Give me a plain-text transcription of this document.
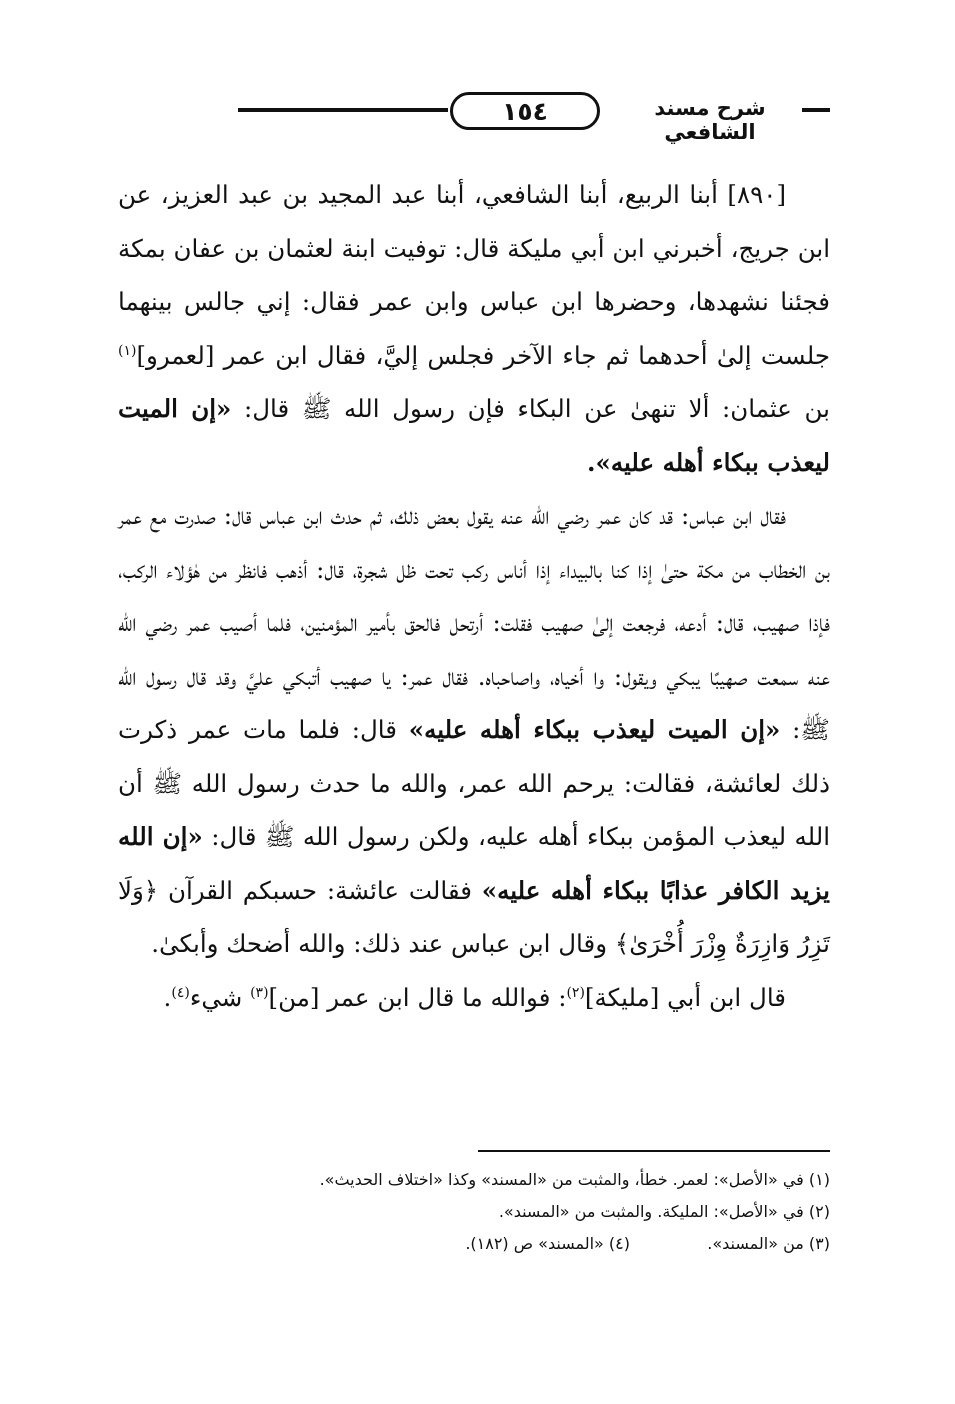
١٥٤	شرح مسند الشافعي

[٨٩٠] أبنا الربيع، أبنا الشافعي، أبنا عبد المجيد بن عبد العزيز، عن ابن جريج، أخبرني ابن أبي مليكة قال: توفيت ابنة لعثمان بن عفان بمكة فجئنا نشهدها، وحضرها ابن عباس وابن عمر فقال: إني جالس بينهما جلست إلىٰ أحدهما ثم جاء الآخر فجلس إليَّ، فقال ابن عمر [لعمرو]$^{(١)}$ بن عثمان: ألا تنهىٰ عن البكاء فإن رسول الله ﷺ قال: «إن الميت ليعذب ببكاء أهله عليه».

فقال ابن عباس: قد كان عمر رضي الله عنه يقول بعض ذلك، ثم حدث ابن عباس قال: صدرت مع عمر بن الخطاب من مكة حتىٰ إذا كنا بالبيداء إذا أناس ركب تحت ظل شجرة، قال: أذهب فانظر من هٰؤلاء الركب، فإذا صهيب، قال: أدعه، فرجعت إلىٰ صهيب فقلت: أرتحل فالحق بأمير المؤمنين، فلما أصيب عمر رضي الله عنه سمعت صهيبًا يبكي ويقول: وا أخياه، واصاحباه. فقال عمر: يا صهيب أتبكي عليَّ وقد قال رسول الله ﷺ: «إن الميت ليعذب ببكاء أهله عليه» قال: فلما مات عمر ذكرت ذلك لعائشة، فقالت: يرحم الله عمر، والله ما حدث رسول الله ﷺ أن الله ليعذب المؤمن ببكاء أهله عليه، ولكن رسول الله ﷺ قال: «إن الله يزيد الكافر عذابًا ببكاء أهله عليه» فقالت عائشة: حسبكم القرآن ﴿وَلَا تَزِرُ وَازِرَةٌ وِزْرَ أُخْرَىٰ﴾ وقال ابن عباس عند ذلك: والله أضحك وأبكىٰ.

قال ابن أبي [مليكة]$^{(٢)}$: فوالله ما قال ابن عمر [من]$^{(٣)}$ شيء$^{(٤)}$.

(١) في «الأصل»: لعمر. خطأ، والمثبت من «المسند» وكذا «اختلاف الحديث».
(٢) في «الأصل»: المليكة. والمثبت من «المسند».
(٣) من «المسند».
(٤) «المسند» ص (١٨٢).
